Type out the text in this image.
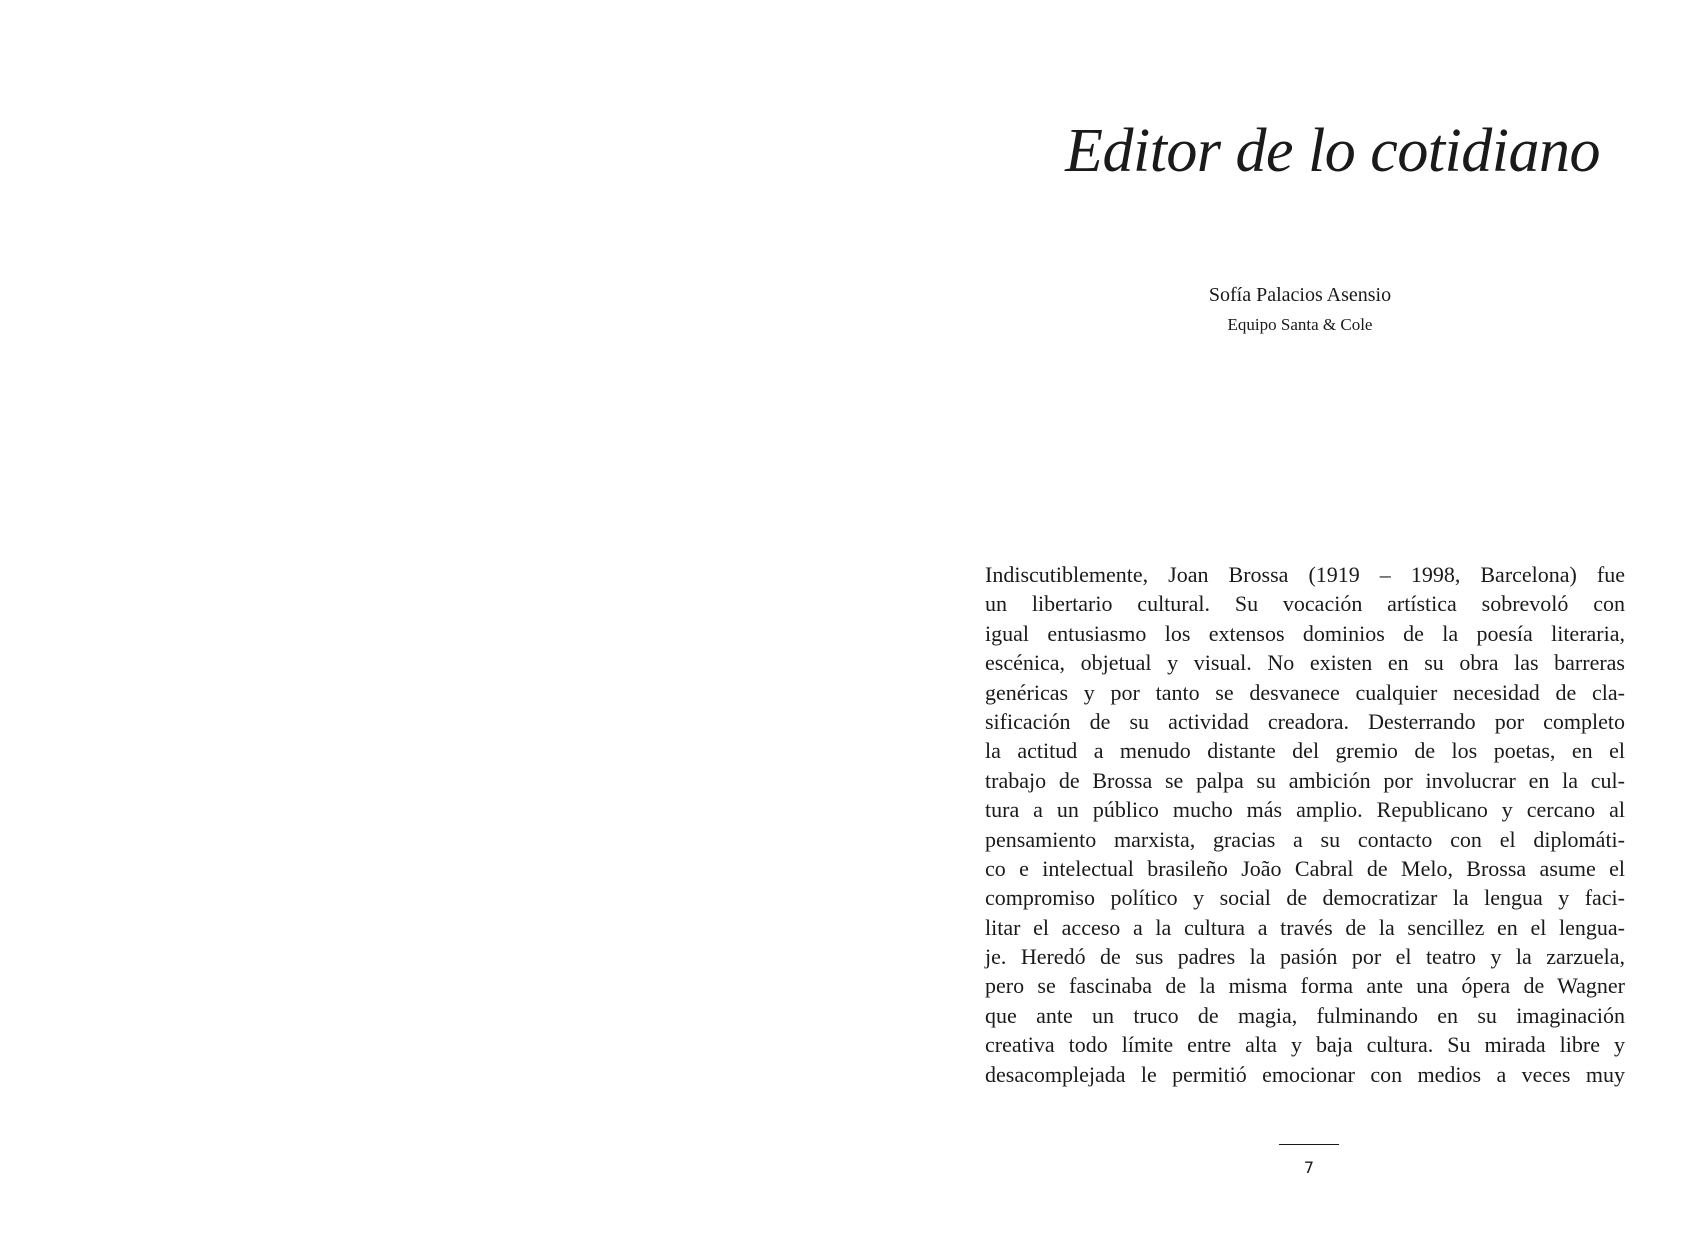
Editor de lo cotidiano
Sofía Palacios Asensio
Equipo Santa & Cole
Indiscutiblemente, Joan Brossa (1919 – 1998, Barcelona) fue
un libertario cultural. Su vocación artística sobrevoló con
igual entusiasmo los extensos dominios de la poesía literaria,
escénica, objetual y visual. No existen en su obra las barreras
genéricas y por tanto se desvanece cualquier necesidad de cla-
sificación de su actividad creadora. Desterrando por completo
la actitud a menudo distante del gremio de los poetas, en el
trabajo de Brossa se palpa su ambición por involucrar en la cul-
tura a un público mucho más amplio. Republicano y cercano al
pensamiento marxista, gracias a su contacto con el diplomáti-
co e intelectual brasileño João Cabral de Melo, Brossa asume el
compromiso político y social de democratizar la lengua y faci-
litar el acceso a la cultura a través de la sencillez en el lengua-
je. Heredó de sus padres la pasión por el teatro y la zarzuela,
pero se fascinaba de la misma forma ante una ópera de Wagner
que ante un truco de magia, fulminando en su imaginación
creativa todo límite entre alta y baja cultura. Su mirada libre y
desacomplejada le permitió emocionar con medios a veces muy
7
